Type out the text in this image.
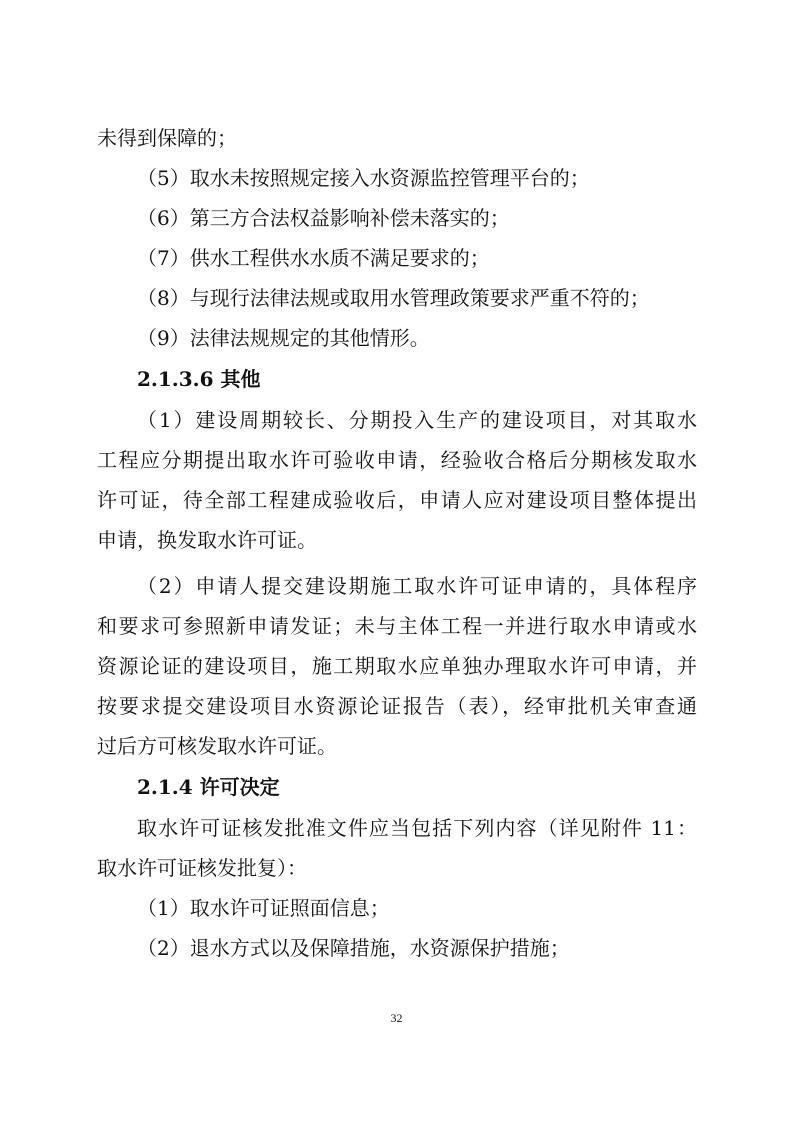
未得到保障的；
（5）取水未按照规定接入水资源监控管理平台的；
（6）第三方合法权益影响补偿未落实的；
（7）供水工程供水水质不满足要求的；
（8）与现行法律法规或取用水管理政策要求严重不符的；
（9）法律法规规定的其他情形。
2.1.3.6 其他
（1）建设周期较长、分期投入生产的建设项目，对其取水
工程应分期提出取水许可验收申请，经验收合格后分期核发取水
许可证，待全部工程建成验收后，申请人应对建设项目整体提出
申请，换发取水许可证。
（2）申请人提交建设期施工取水许可证申请的，具体程序
和要求可参照新申请发证；未与主体工程一并进行取水申请或水
资源论证的建设项目，施工期取水应单独办理取水许可申请，并
按要求提交建设项目水资源论证报告（表），经审批机关审查通
过后方可核发取水许可证。
2.1.4 许可决定
取水许可证核发批准文件应当包括下列内容（详见附件 11：
取水许可证核发批复）：
（1）取水许可证照面信息；
（2）退水方式以及保障措施，水资源保护措施；
32
